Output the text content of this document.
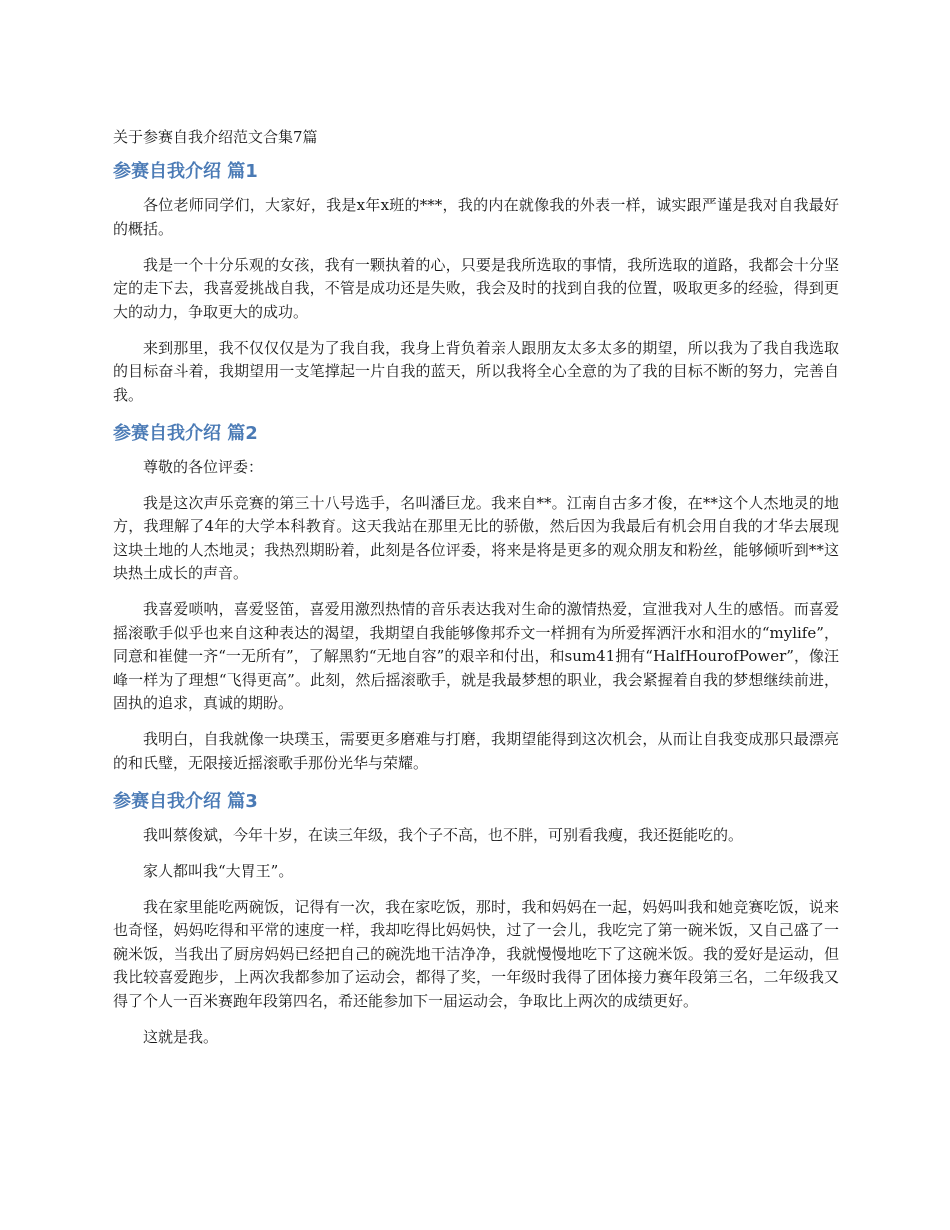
关于参赛自我介绍范文合集7篇
参赛自我介绍 篇1

各位老师同学们，大家好，我是x年x班的***，我的内在就像我的外表一样，诚实跟严谨是我对自我最好的概括。

我是一个十分乐观的女孩，我有一颗执着的心，只要是我所选取的事情，我所选取的道路，我都会十分坚定的走下去，我喜爱挑战自我，不管是成功还是失败，我会及时的找到自我的位置，吸取更多的经验，得到更大的动力，争取更大的成功。

来到那里，我不仅仅仅是为了我自我，我身上背负着亲人跟朋友太多太多的期望，所以我为了我自我选取的目标奋斗着，我期望用一支笔撑起一片自我的蓝天，所以我将全心全意的为了我的目标不断的努力，完善自我。

参赛自我介绍 篇2

尊敬的各位评委：

我是这次声乐竞赛的第三十八号选手，名叫潘巨龙。我来自**。江南自古多才俊，在**这个人杰地灵的地方，我理解了4年的大学本科教育。这天我站在那里无比的骄傲，然后因为我最后有机会用自我的才华去展现这块土地的人杰地灵；我热烈期盼着，此刻是各位评委，将来是将是更多的观众朋友和粉丝，能够倾听到**这块热土成长的声音。

我喜爱唢呐，喜爱竖笛，喜爱用激烈热情的音乐表达我对生命的激情热爱，宣泄我对人生的感悟。而喜爱摇滚歌手似乎也来自这种表达的渴望，我期望自我能够像邦乔文一样拥有为所爱挥洒汗水和泪水的“mylife”，同意和崔健一齐“一无所有”，了解黑豹“无地自容”的艰辛和付出，和sum41拥有“HalfHourofPower”，像汪峰一样为了理想“飞得更高”。此刻，然后摇滚歌手，就是我最梦想的职业，我会紧握着自我的梦想继续前进，固执的追求，真诚的期盼。

我明白，自我就像一块璞玉，需要更多磨难与打磨，我期望能得到这次机会，从而让自我变成那只最漂亮的和氏璧，无限接近摇滚歌手那份光华与荣耀。

参赛自我介绍 篇3

我叫蔡俊斌，今年十岁，在读三年级，我个子不高，也不胖，可别看我瘦，我还挺能吃的。

家人都叫我“大胃王”。

我在家里能吃两碗饭，记得有一次，我在家吃饭，那时，我和妈妈在一起，妈妈叫我和她竞赛吃饭，说来也奇怪，妈妈吃得和平常的速度一样，我却吃得比妈妈快，过了一会儿，我吃完了第一碗米饭，又自己盛了一碗米饭，当我出了厨房妈妈已经把自己的碗洗地干洁净净，我就慢慢地吃下了这碗米饭。我的爱好是运动，但我比较喜爱跑步，上两次我都参加了运动会，都得了奖，一年级时我得了团体接力赛年段第三名，二年级我又得了个人一百米赛跑年段第四名，希还能参加下一届运动会，争取比上两次的成绩更好。

这就是我。
